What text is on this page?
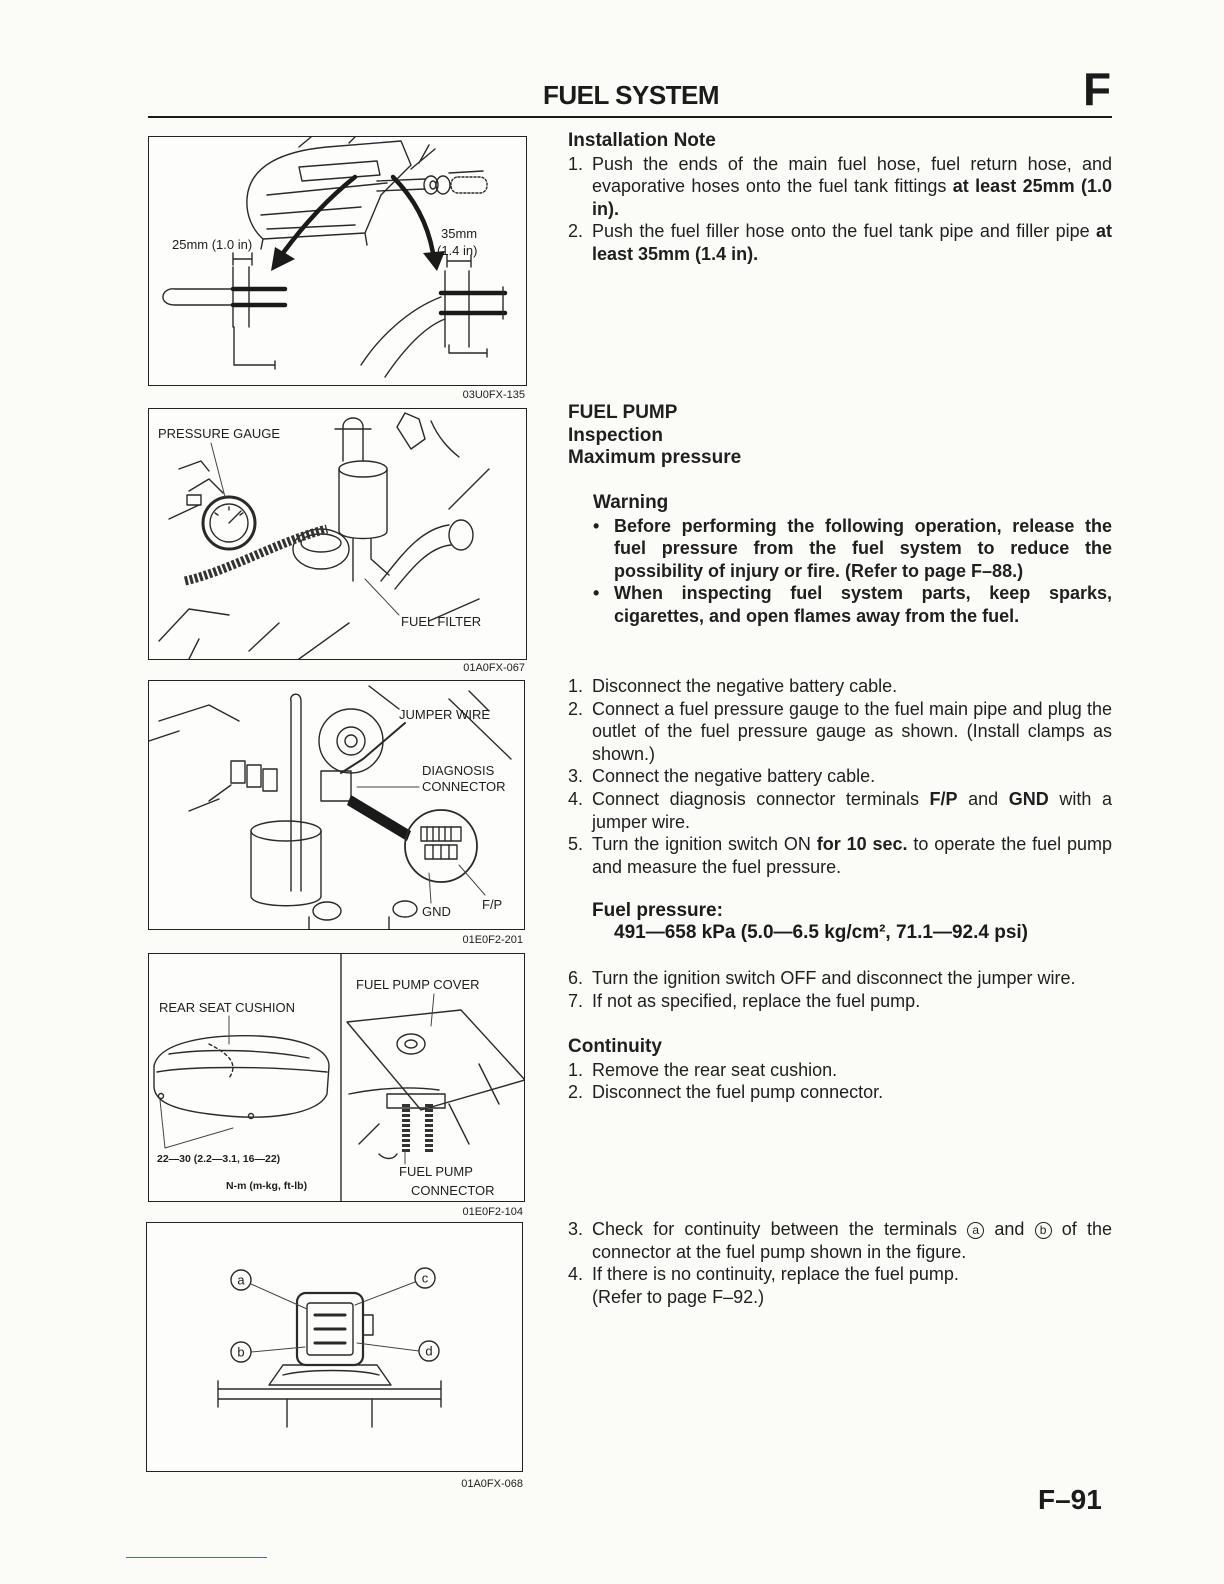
FUEL SYSTEM	F
25mm (1.0 in)
35mm
(1.4 in)
03U0FX-135
PRESSURE GAUGE
FUEL FILTER
01A0FX-067
JUMPER WIRE
DIAGNOSIS
CONNECTOR
GND F/P
01E0F2-201
REAR SEAT CUSHION
22—30 (2.2—3.1, 16—22)
N-m (m-kg, ft-lb)
FUEL PUMP COVER
FUEL PUMP
CONNECTOR
01E0F2-104
a	c
b	d
01A0FX-068
Installation Note
1. Push the ends of the main fuel hose, fuel return hose, and evaporative hoses onto the fuel tank fittings at least 25mm (1.0 in).
2. Push the fuel filler hose onto the fuel tank pipe and filler pipe at least 35mm (1.4 in).
FUEL PUMP
Inspection
Maximum pressure
Warning
• Before performing the following operation, release the fuel pressure from the fuel system to reduce the possibility of injury or fire. (Refer to page F–88.)
• When inspecting fuel system parts, keep sparks, cigarettes, and open flames away from the fuel.
1. Disconnect the negative battery cable.
2. Connect a fuel pressure gauge to the fuel main pipe and plug the outlet of the fuel pressure gauge as shown. (Install clamps as shown.)
3. Connect the negative battery cable.
4. Connect diagnosis connector terminals F/P and GND with a jumper wire.
5. Turn the ignition switch ON for 10 sec. to operate the fuel pump and measure the fuel pressure.
Fuel pressure:
491—658 kPa (5.0—6.5 kg/cm², 71.1—92.4 psi)
6. Turn the ignition switch OFF and disconnect the jumper wire.
7. If not as specified, replace the fuel pump.
Continuity
1. Remove the rear seat cushion.
2. Disconnect the fuel pump connector.
3. Check for continuity between the terminals a and b of the connector at the fuel pump shown in the figure.
4. If there is no continuity, replace the fuel pump.
(Refer to page F–92.)
F–91
